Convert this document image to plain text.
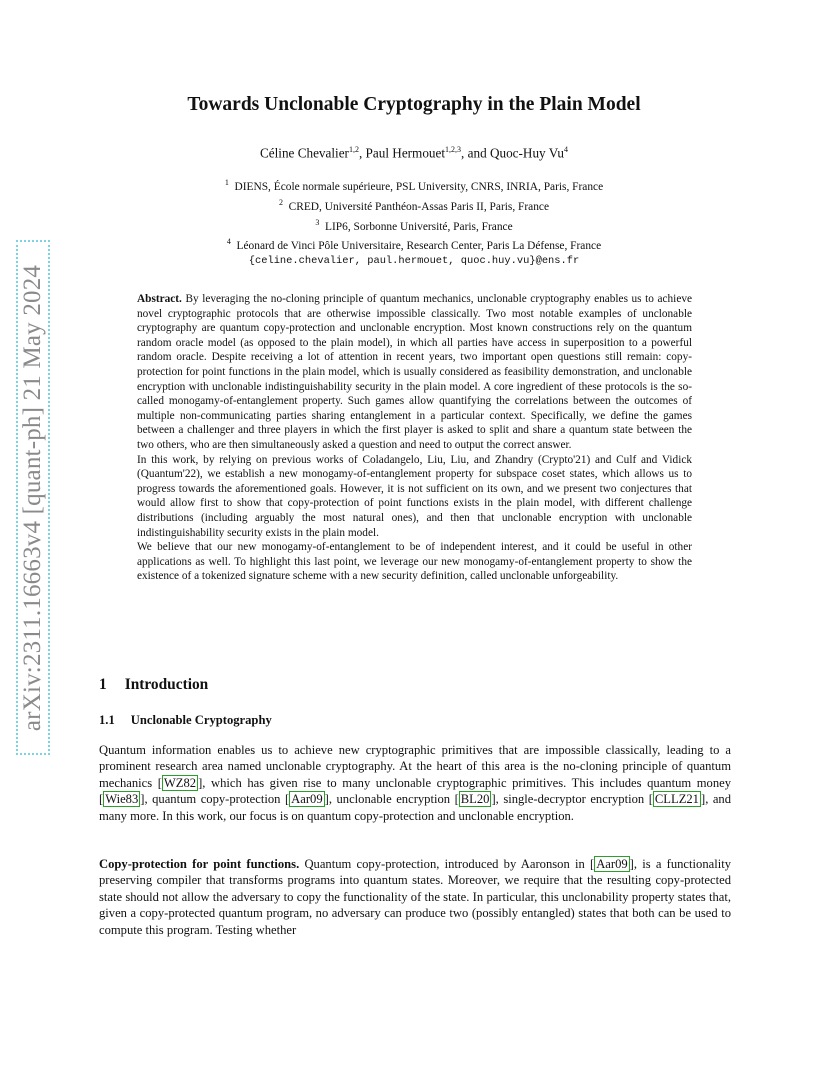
arXiv:2311.16663v4 [quant-ph] 21 May 2024
Towards Unclonable Cryptography in the Plain Model
Céline Chevalier$^{1,2}$, Paul Hermouet$^{1,2,3}$, and Quoc-Huy Vu$^4$
$^1$ DIENS, École normale supérieure, PSL University, CNRS, INRIA, Paris, France
$^2$ CRED, Université Panthéon-Assas Paris II, Paris, France
$^3$ LIP6, Sorbonne Université, Paris, France
$^4$ Léonard de Vinci Pôle Universitaire, Research Center, Paris La Défense, France
{celine.chevalier, paul.hermouet, quoc.huy.vu}@ens.fr

Abstract. By leveraging the no-cloning principle of quantum mechanics, unclonable cryptography enables us to achieve novel cryptographic protocols that are otherwise impossible classically. Two most notable examples of unclonable cryptography are quantum copy-protection and unclonable encryption. Most known constructions rely on the quantum random oracle model (as opposed to the plain model), in which all parties have access in superposition to a powerful random oracle. Despite receiving a lot of attention in recent years, two important open questions still remain: copy-protection for point functions in the plain model, which is usually considered as feasibility demonstration, and unclonable encryption with unclonable indistinguishability security in the plain model. A core ingredient of these protocols is the so-called monogamy-of-entanglement property. Such games allow quantifying the correlations between the outcomes of multiple non-communicating parties sharing entanglement in a particular context. Specifically, we define the games between a challenger and three players in which the first player is asked to split and share a quantum state between the two others, who are then simultaneously asked a question and need to output the correct answer.

In this work, by relying on previous works of Coladangelo, Liu, Liu, and Zhandry (Crypto'21) and Culf and Vidick (Quantum'22), we establish a new monogamy-of-entanglement property for subspace coset states, which allows us to progress towards the aforementioned goals. However, it is not sufficient on its own, and we present two conjectures that would allow first to show that copy-protection of point functions exists in the plain model, with different challenge distributions (including arguably the most natural ones), and then that unclonable encryption with unclonable indistinguishability security exists in the plain model.

We believe that our new monogamy-of-entanglement to be of independent interest, and it could be useful in other applications as well. To highlight this last point, we leverage our new monogamy-of-entanglement property to show the existence of a tokenized signature scheme with a new security definition, called unclonable unforgeability.

1 Introduction
1.1 Unclonable Cryptography

Quantum information enables us to achieve new cryptographic primitives that are impossible classically, leading to a prominent research area named unclonable cryptography. At the heart of this area is the no-cloning principle of quantum mechanics [ WZ82 ], which has given rise to many unclonable cryptographic primitives. This includes quantum money [ Wie83 ], quantum copy-protection [ Aar09 ], unclonable encryption [ BL20 ], single-decryptor encryption [ CLLZ21 ], and many more. In this work, our focus is on quantum copy-protection and unclonable encryption.

Copy-protection for point functions. Quantum copy-protection, introduced by Aaronson in [ Aar09 ], is a functionality preserving compiler that transforms programs into quantum states. Moreover, we require that the resulting copy-protected state should not allow the adversary to copy the functionality of the state. In particular, this unclonability property states that, given a copy-protected quantum program, no adversary can produce two (possibly entangled) states that both can be used to compute this program. Testing whether
